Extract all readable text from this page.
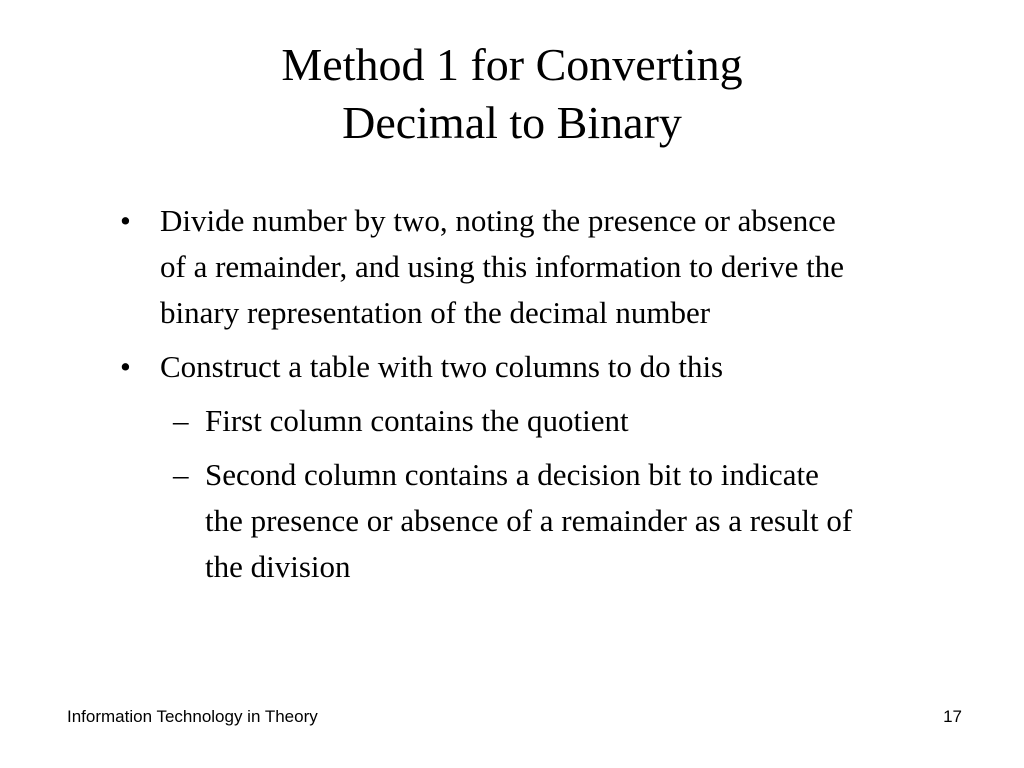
Method 1 for Converting
Decimal to Binary
• Divide number by two, noting the presence or absence of a remainder, and using this information to derive the binary representation of the decimal number
• Construct a table with two columns to do this
– First column contains the quotient
– Second column contains a decision bit to indicate the presence or absence of a remainder as a result of the division
Information Technology in Theory	17
